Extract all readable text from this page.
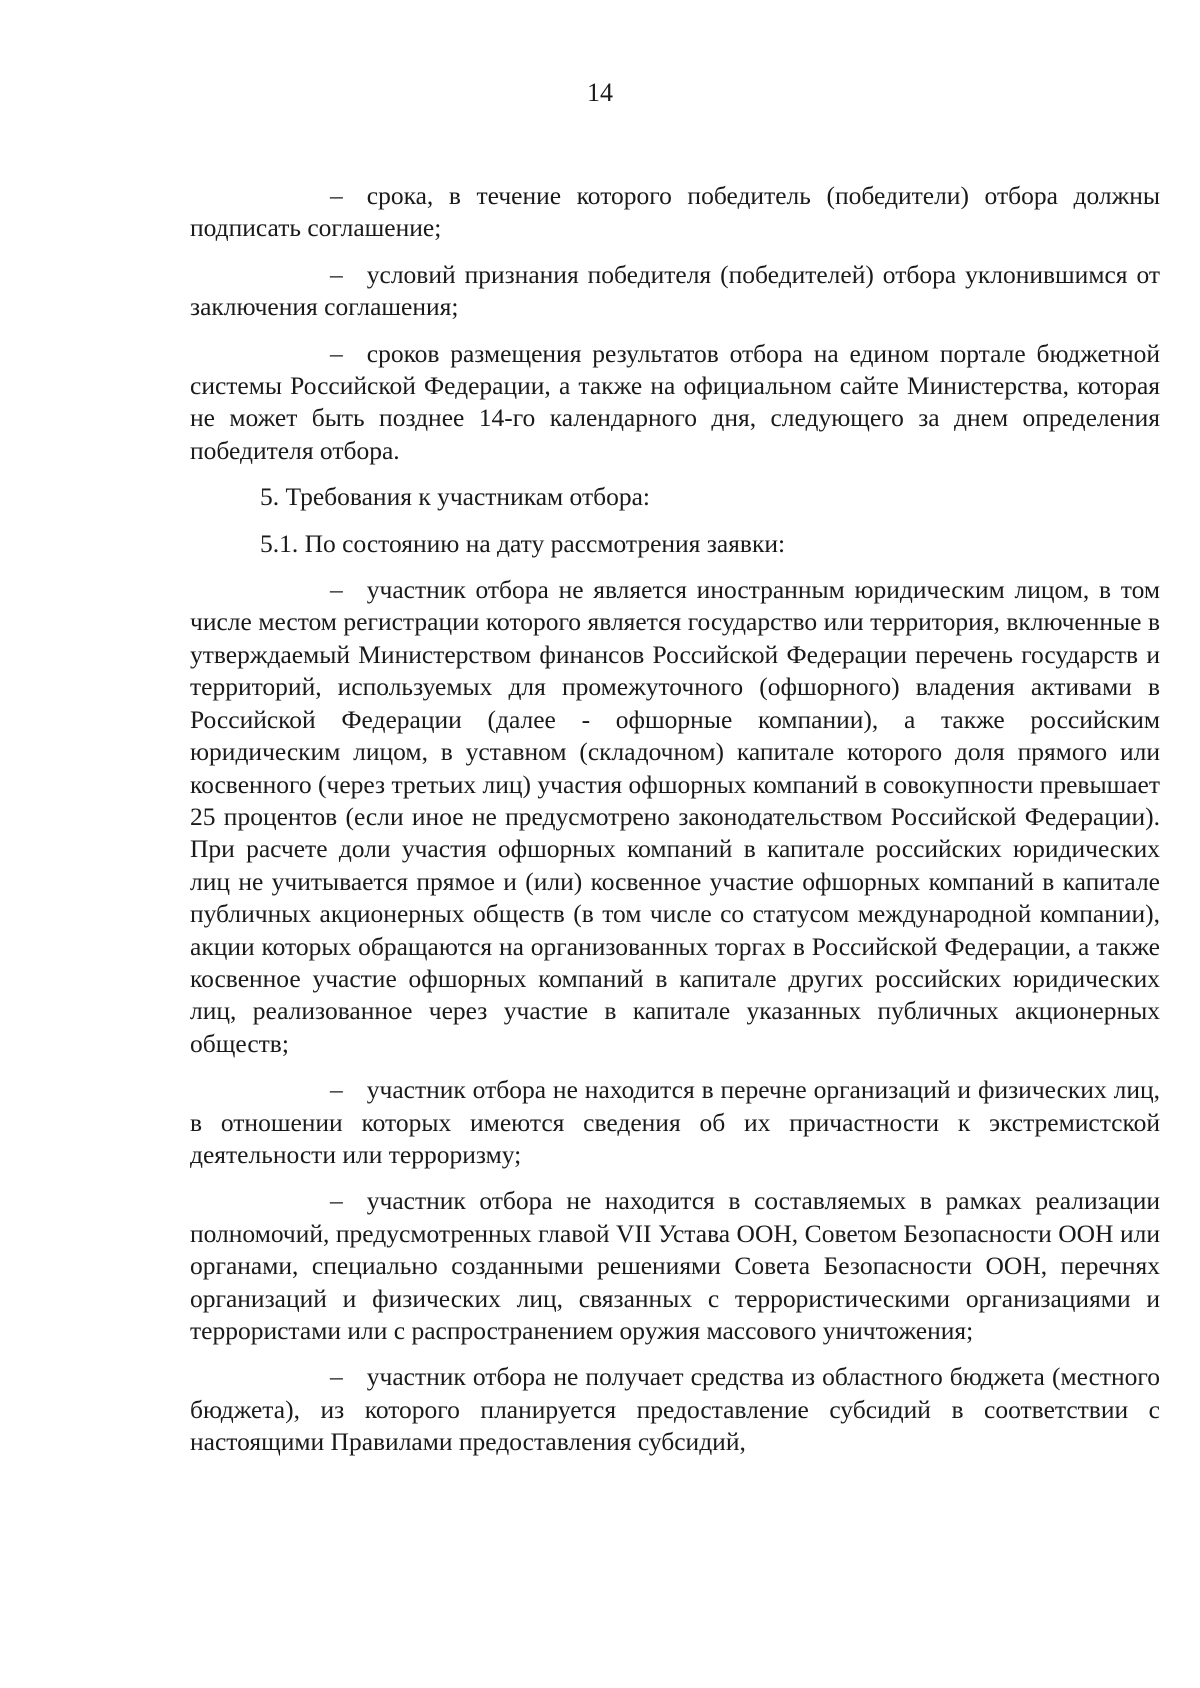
14

– срока, в течение которого победитель (победители) отбора должны подписать соглашение;

– условий признания победителя (победителей) отбора уклонившимся от заключения соглашения;

– сроков размещения результатов отбора на едином портале бюджетной системы Российской Федерации, а также на официальном сайте Министерства, которая не может быть позднее 14-го календарного дня, следующего за днем определения победителя отбора.

5. Требования к участникам отбора:

5.1. По состоянию на дату рассмотрения заявки:

– участник отбора не является иностранным юридическим лицом, в том числе местом регистрации которого является государство или территория, включенные в утверждаемый Министерством финансов Российской Федерации перечень государств и территорий, используемых для промежуточного (офшорного) владения активами в Российской Федерации (далее - офшорные компании), а также российским юридическим лицом, в уставном (складочном) капитале которого доля прямого или косвенного (через третьих лиц) участия офшорных компаний в совокупности превышает 25 процентов (если иное не предусмотрено законодательством Российской Федерации). При расчете доли участия офшорных компаний в капитале российских юридических лиц не учитывается прямое и (или) косвенное участие офшорных компаний в капитале публичных акционерных обществ (в том числе со статусом международной компании), акции которых обращаются на организованных торгах в Российской Федерации, а также косвенное участие офшорных компаний в капитале других российских юридических лиц, реализованное через участие в капитале указанных публичных акционерных обществ;

– участник отбора не находится в перечне организаций и физических лиц, в отношении которых имеются сведения об их причастности к экстремистской деятельности или терроризму;

– участник отбора не находится в составляемых в рамках реализации полномочий, предусмотренных главой VII Устава ООН, Советом Безопасности ООН или органами, специально созданными решениями Совета Безопасности ООН, перечнях организаций и физических лиц, связанных с террористическими организациями и террористами или с распространением оружия массового уничтожения;

– участник отбора не получает средства из областного бюджета (местного бюджета), из которого планируется предоставление субсидий в соответствии с настоящими Правилами предоставления субсидий,
